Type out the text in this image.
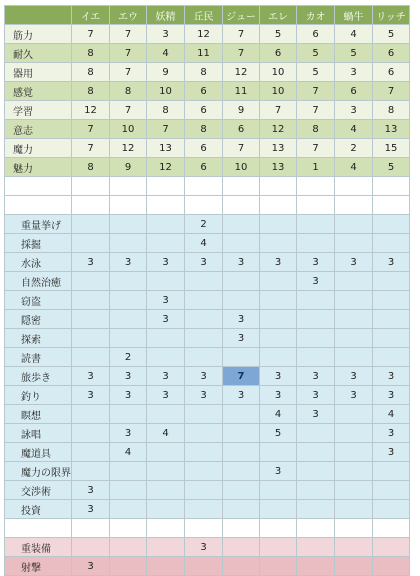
	イエ	エウ	妖精	丘民	ジュー	エレ	カオ	蝸牛	リッチ
筋力	7	7	3	12	7	5	6	4	5
耐久	8	7	4	11	7	6	5	5	6
器用	8	7	9	8	12	10	5	3	6
感覚	8	8	10	6	11	10	7	6	7
学習	12	7	8	6	9	7	7	3	8
意志	7	10	7	8	6	12	8	4	13
魔力	7	12	13	6	7	13	7	2	15
魅力	8	9	12	6	10	13	1	4	5

重量挙げ				2					
採掘				4					
水泳	3	3	3	3	3	3	3	3	3
自然治癒							3		
窃盗			3						
隠密			3		3				
探索					3				
読書		2							
旅歩き	3	3	3	3	7	3	3	3	3
釣り	3	3	3	3	3	3	3	3	3
瞑想						4	3		4
詠唱		3	4			5			3
魔道具		4							3
魔力の限界						3			
交渉術	3								
投資	3								

重装備				3					
射撃	3								
